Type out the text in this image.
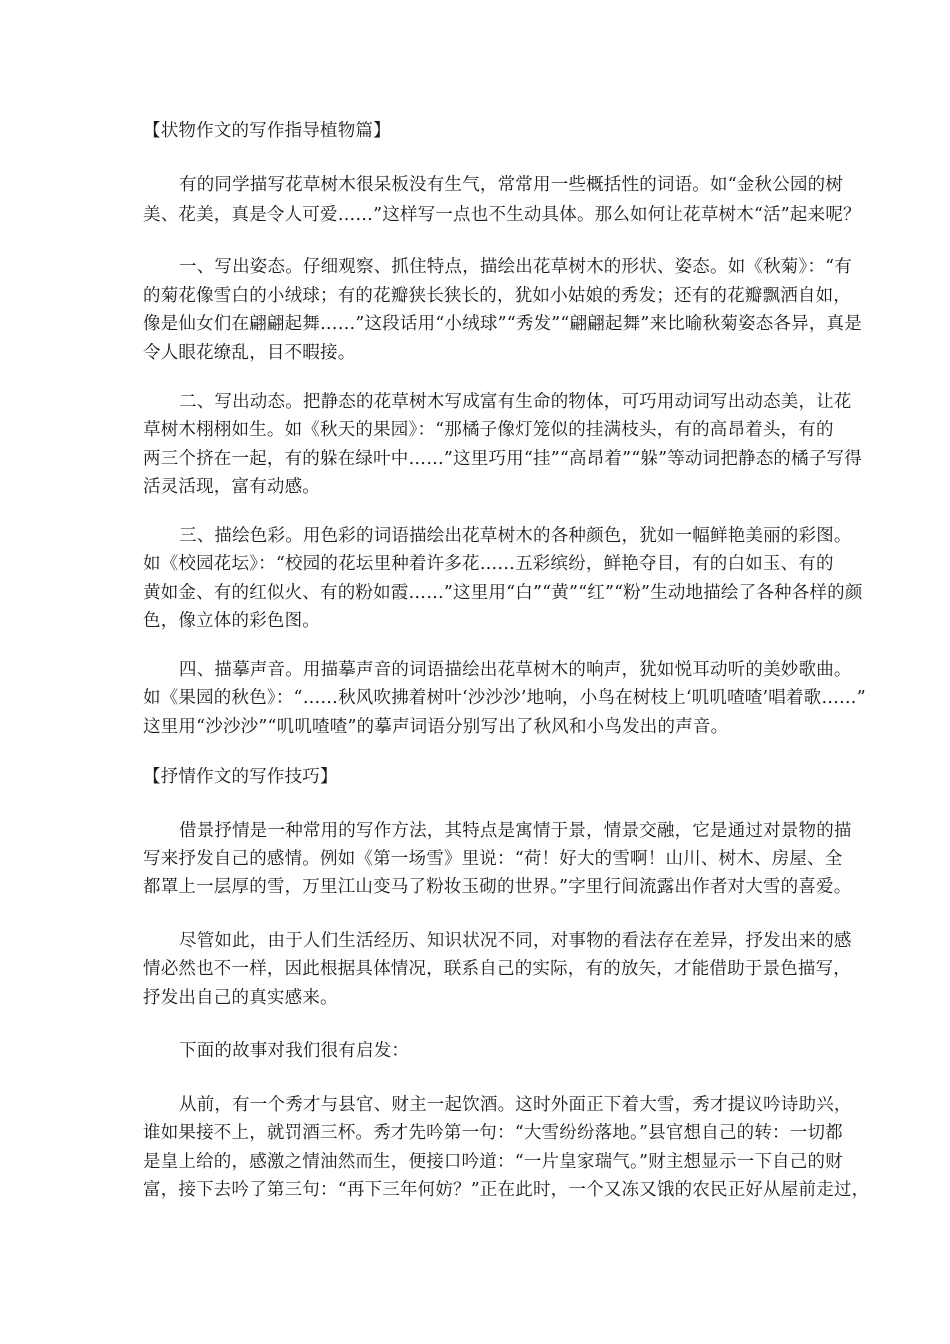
【状物作文的写作指导植物篇】
有的同学描写花草树木很呆板没有生气，常常用一些概括性的词语。如“金秋公园的树
美、花美，真是令人可爱……”这样写一点也不生动具体。那么如何让花草树木“活”起来呢？
一、写出姿态。仔细观察、抓住特点，描绘出花草树木的形状、姿态。如《秋菊》：“有
的菊花像雪白的小绒球；有的花瓣狭长狭长的，犹如小姑娘的秀发；还有的花瓣飘洒自如，
像是仙女们在翩翩起舞……”这段话用“小绒球”“秀发”“翩翩起舞”来比喻秋菊姿态各异，真是
令人眼花缭乱，目不暇接。
二、写出动态。把静态的花草树木写成富有生命的物体，可巧用动词写出动态美，让花
草树木栩栩如生。如《秋天的果园》：“那橘子像灯笼似的挂满枝头，有的高昂着头，有的
两三个挤在一起，有的躲在绿叶中……”这里巧用“挂”“高昂着”“躲”等动词把静态的橘子写得
活灵活现，富有动感。
三、描绘色彩。用色彩的词语描绘出花草树木的各种颜色，犹如一幅鲜艳美丽的彩图。
如《校园花坛》：“校园的花坛里种着许多花……五彩缤纷，鲜艳夺目，有的白如玉、有的
黄如金、有的红似火、有的粉如霞……”这里用“白”“黄”“红”“粉”生动地描绘了各种各样的颜
色，像立体的彩色图。
四、描摹声音。用描摹声音的词语描绘出花草树木的响声，犹如悦耳动听的美妙歌曲。
如《果园的秋色》：“……秋风吹拂着树叶‘沙沙沙’地响，小鸟在树枝上‘叽叽喳喳’唱着歌……”
这里用“沙沙沙”“叽叽喳喳”的摹声词语分别写出了秋风和小鸟发出的声音。
【抒情作文的写作技巧】
借景抒情是一种常用的写作方法，其特点是寓情于景，情景交融，它是通过对景物的描
写来抒发自己的感情。例如《第一场雪》里说：“荷！好大的雪啊！山川、树木、房屋、全
都罩上一层厚的雪，万里江山变马了粉妆玉砌的世界。”字里行间流露出作者对大雪的喜爱。
尽管如此，由于人们生活经历、知识状况不同，对事物的看法存在差异，抒发出来的感
情必然也不一样，因此根据具体情况，联系自己的实际，有的放矢，才能借助于景色描写，
抒发出自己的真实感来。
下面的故事对我们很有启发：
从前，有一个秀才与县官、财主一起饮酒。这时外面正下着大雪，秀才提议吟诗助兴，
谁如果接不上，就罚酒三杯。秀才先吟第一句：“大雪纷纷落地。”县官想自己的转：一切都
是皇上给的，感激之情油然而生，便接口吟道：“一片皇家瑞气。”财主想显示一下自己的财
富，接下去吟了第三句：“再下三年何妨？”正在此时，一个又冻又饿的农民正好从屋前走过，
